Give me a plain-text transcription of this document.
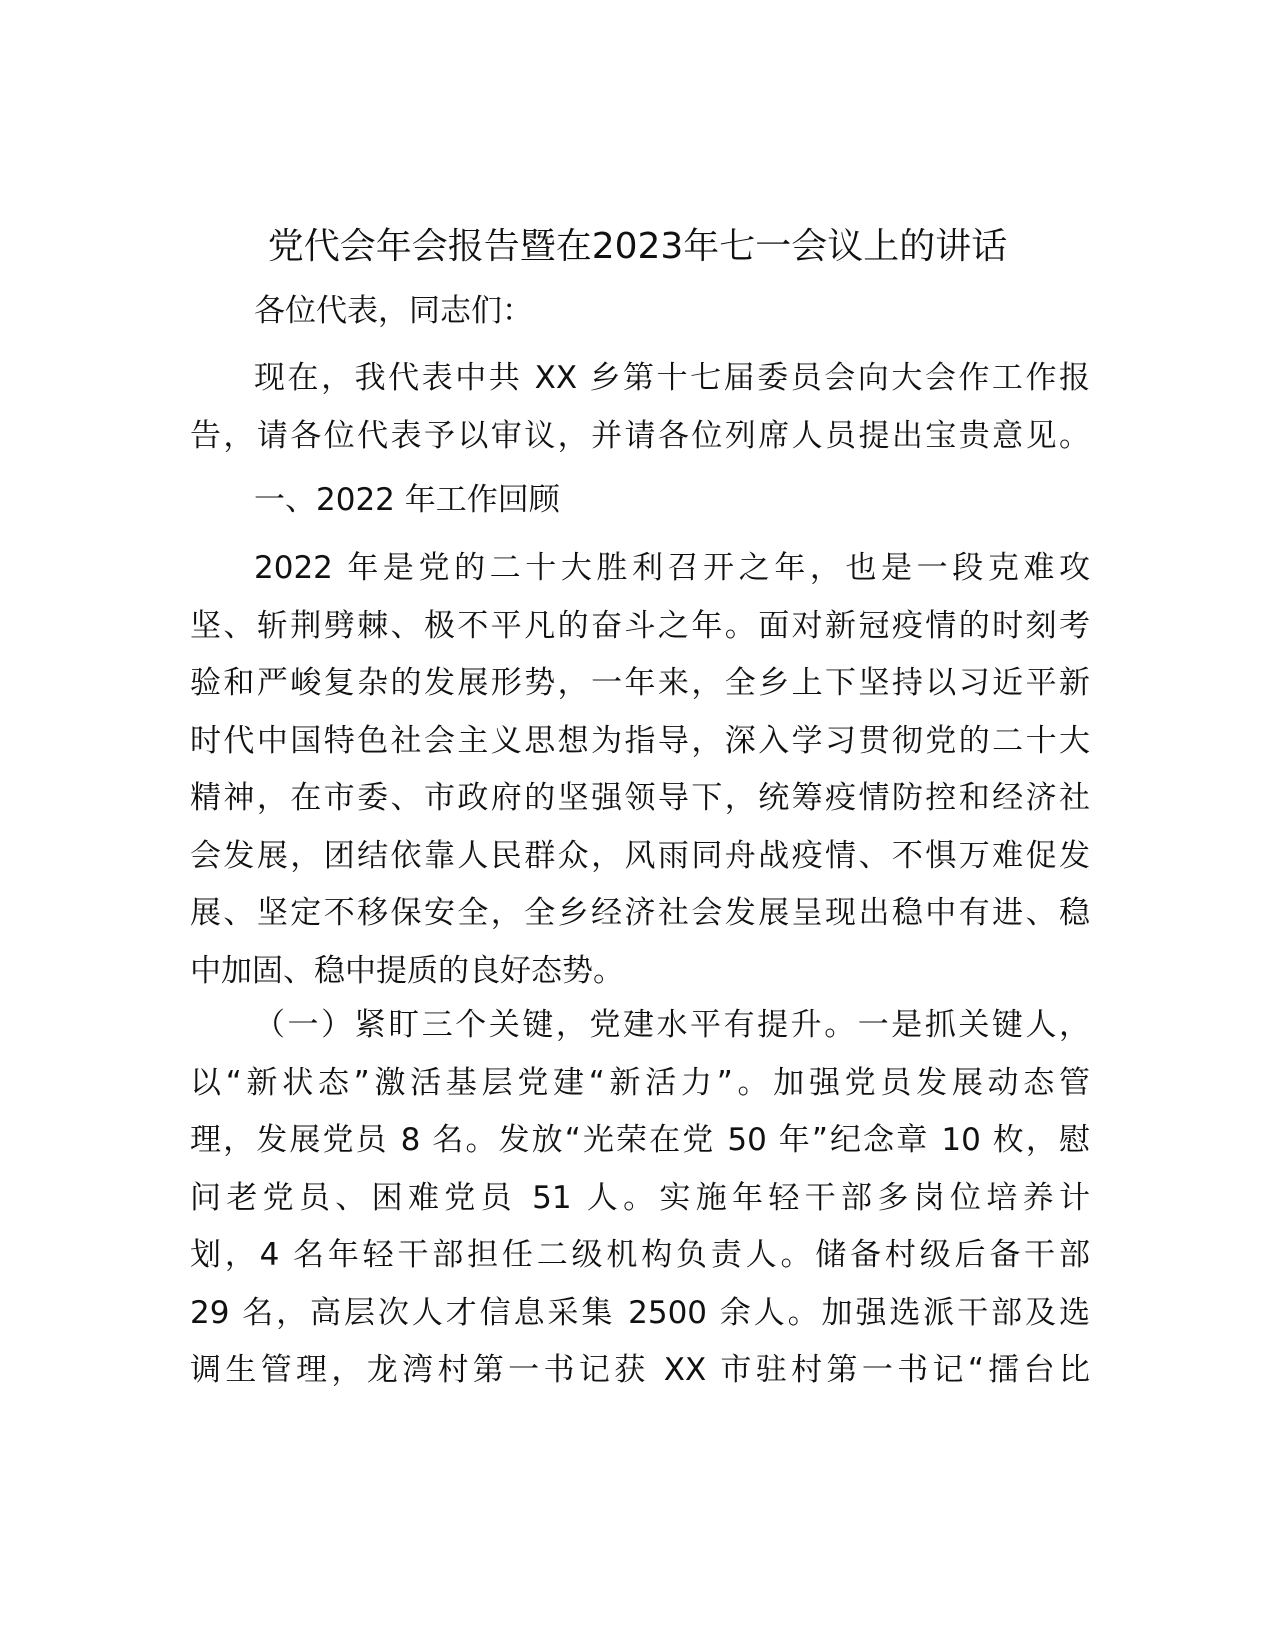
党代会年会报告暨在2023年七一会议上的讲话

各位代表，同志们：

现在，我代表中共 XX 乡第十七届委员会向大会作工作报
告，请各位代表予以审议，并请各位列席人员提出宝贵意见。

一、2022 年工作回顾

2022 年是党的二十大胜利召开之年，也是一段克难攻
坚、斩荆劈棘、极不平凡的奋斗之年。面对新冠疫情的时刻考
验和严峻复杂的发展形势，一年来，全乡上下坚持以习近平新
时代中国特色社会主义思想为指导，深入学习贯彻党的二十大
精神，在市委、市政府的坚强领导下，统筹疫情防控和经济社
会发展，团结依靠人民群众，风雨同舟战疫情、不惧万难促发
展、坚定不移保安全，全乡经济社会发展呈现出稳中有进、稳
中加固、稳中提质的良好态势。

（一）紧盯三个关键，党建水平有提升。一是抓关键人，
以“新状态”激活基层党建“新活力”。加强党员发展动态管
理，发展党员 8 名。发放“光荣在党 50 年”纪念章 10 枚，慰
问老党员、困难党员 51 人。实施年轻干部多岗位培养计
划，4 名年轻干部担任二级机构负责人。储备村级后备干部
29 名，高层次人才信息采集 2500 余人。加强选派干部及选
调生管理，龙湾村第一书记获 XX 市驻村第一书记“擂台比
